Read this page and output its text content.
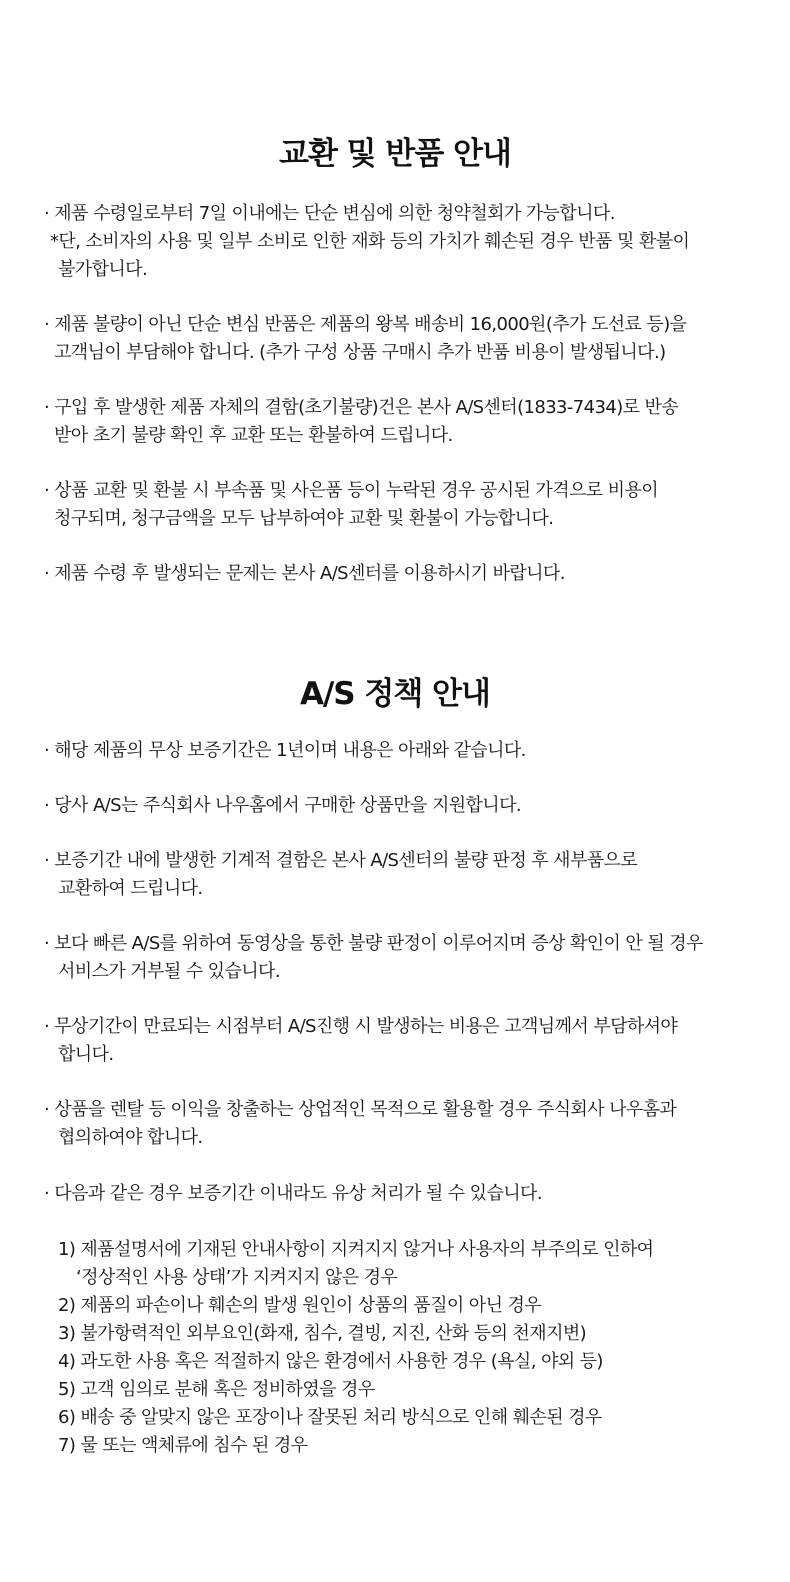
교환 및 반품 안내

· 제품 수령일로부터 7일 이내에는 단순 변심에 의한 청약철회가 가능합니다.

*단, 소비자의 사용 및 일부 소비로 인한 재화 등의 가치가 훼손된 경우 반품 및 환불이

불가합니다.

· 제품 불량이 아닌 단순 변심 반품은 제품의 왕복 배송비 16,000원(추가 도선료 등)을

고객님이 부담해야 합니다. (추가 구성 상품 구매시 추가 반품 비용이 발생됩니다.)

· 구입 후 발생한 제품 자체의 결함(초기불량)건은 본사 A/S센터(1833-7434)로 반송

받아 초기 불량 확인 후 교환 또는 환불하여 드립니다.

· 상품 교환 및 환불 시 부속품 및 사은품 등이 누락된 경우 공시된 가격으로 비용이

청구되며, 청구금액을 모두 납부하여야 교환 및 환불이 가능합니다.

· 제품 수령 후 발생되는 문제는 본사 A/S센터를 이용하시기 바랍니다.

A/S 정책 안내

· 해당 제품의 무상 보증기간은 1년이며 내용은 아래와 같습니다.

· 당사 A/S는 주식회사 나우홈에서 구매한 상품만을 지원합니다.

· 보증기간 내에 발생한 기계적 결함은 본사 A/S센터의 불량 판정 후 새부품으로

교환하여 드립니다.

· 보다 빠른 A/S를 위하여 동영상을 통한 불량 판정이 이루어지며 증상 확인이 안 될 경우

서비스가 거부될 수 있습니다.

· 무상기간이 만료되는 시점부터 A/S진행 시 발생하는 비용은 고객님께서 부담하셔야

합니다.

· 상품을 렌탈 등 이익을 창출하는 상업적인 목적으로 활용할 경우 주식회사 나우홈과

협의하여야 합니다.

· 다음과 같은 경우 보증기간 이내라도 유상 처리가 될 수 있습니다.

1) 제품설명서에 기재된 안내사항이 지켜지지 않거나 사용자의 부주의로 인하여

‘정상적인 사용 상태’가 지켜지지 않은 경우

2) 제품의 파손이나 훼손의 발생 원인이 상품의 품질이 아닌 경우

3) 불가항력적인 외부요인(화재, 침수, 결빙, 지진, 산화 등의 천재지변)

4) 과도한 사용 혹은 적절하지 않은 환경에서 사용한 경우 (욕실, 야외 등)

5) 고객 임의로 분해 혹은 정비하였을 경우

6) 배송 중 알맞지 않은 포장이나 잘못된 처리 방식으로 인해 훼손된 경우

7) 물 또는 액체류에 침수 된 경우
